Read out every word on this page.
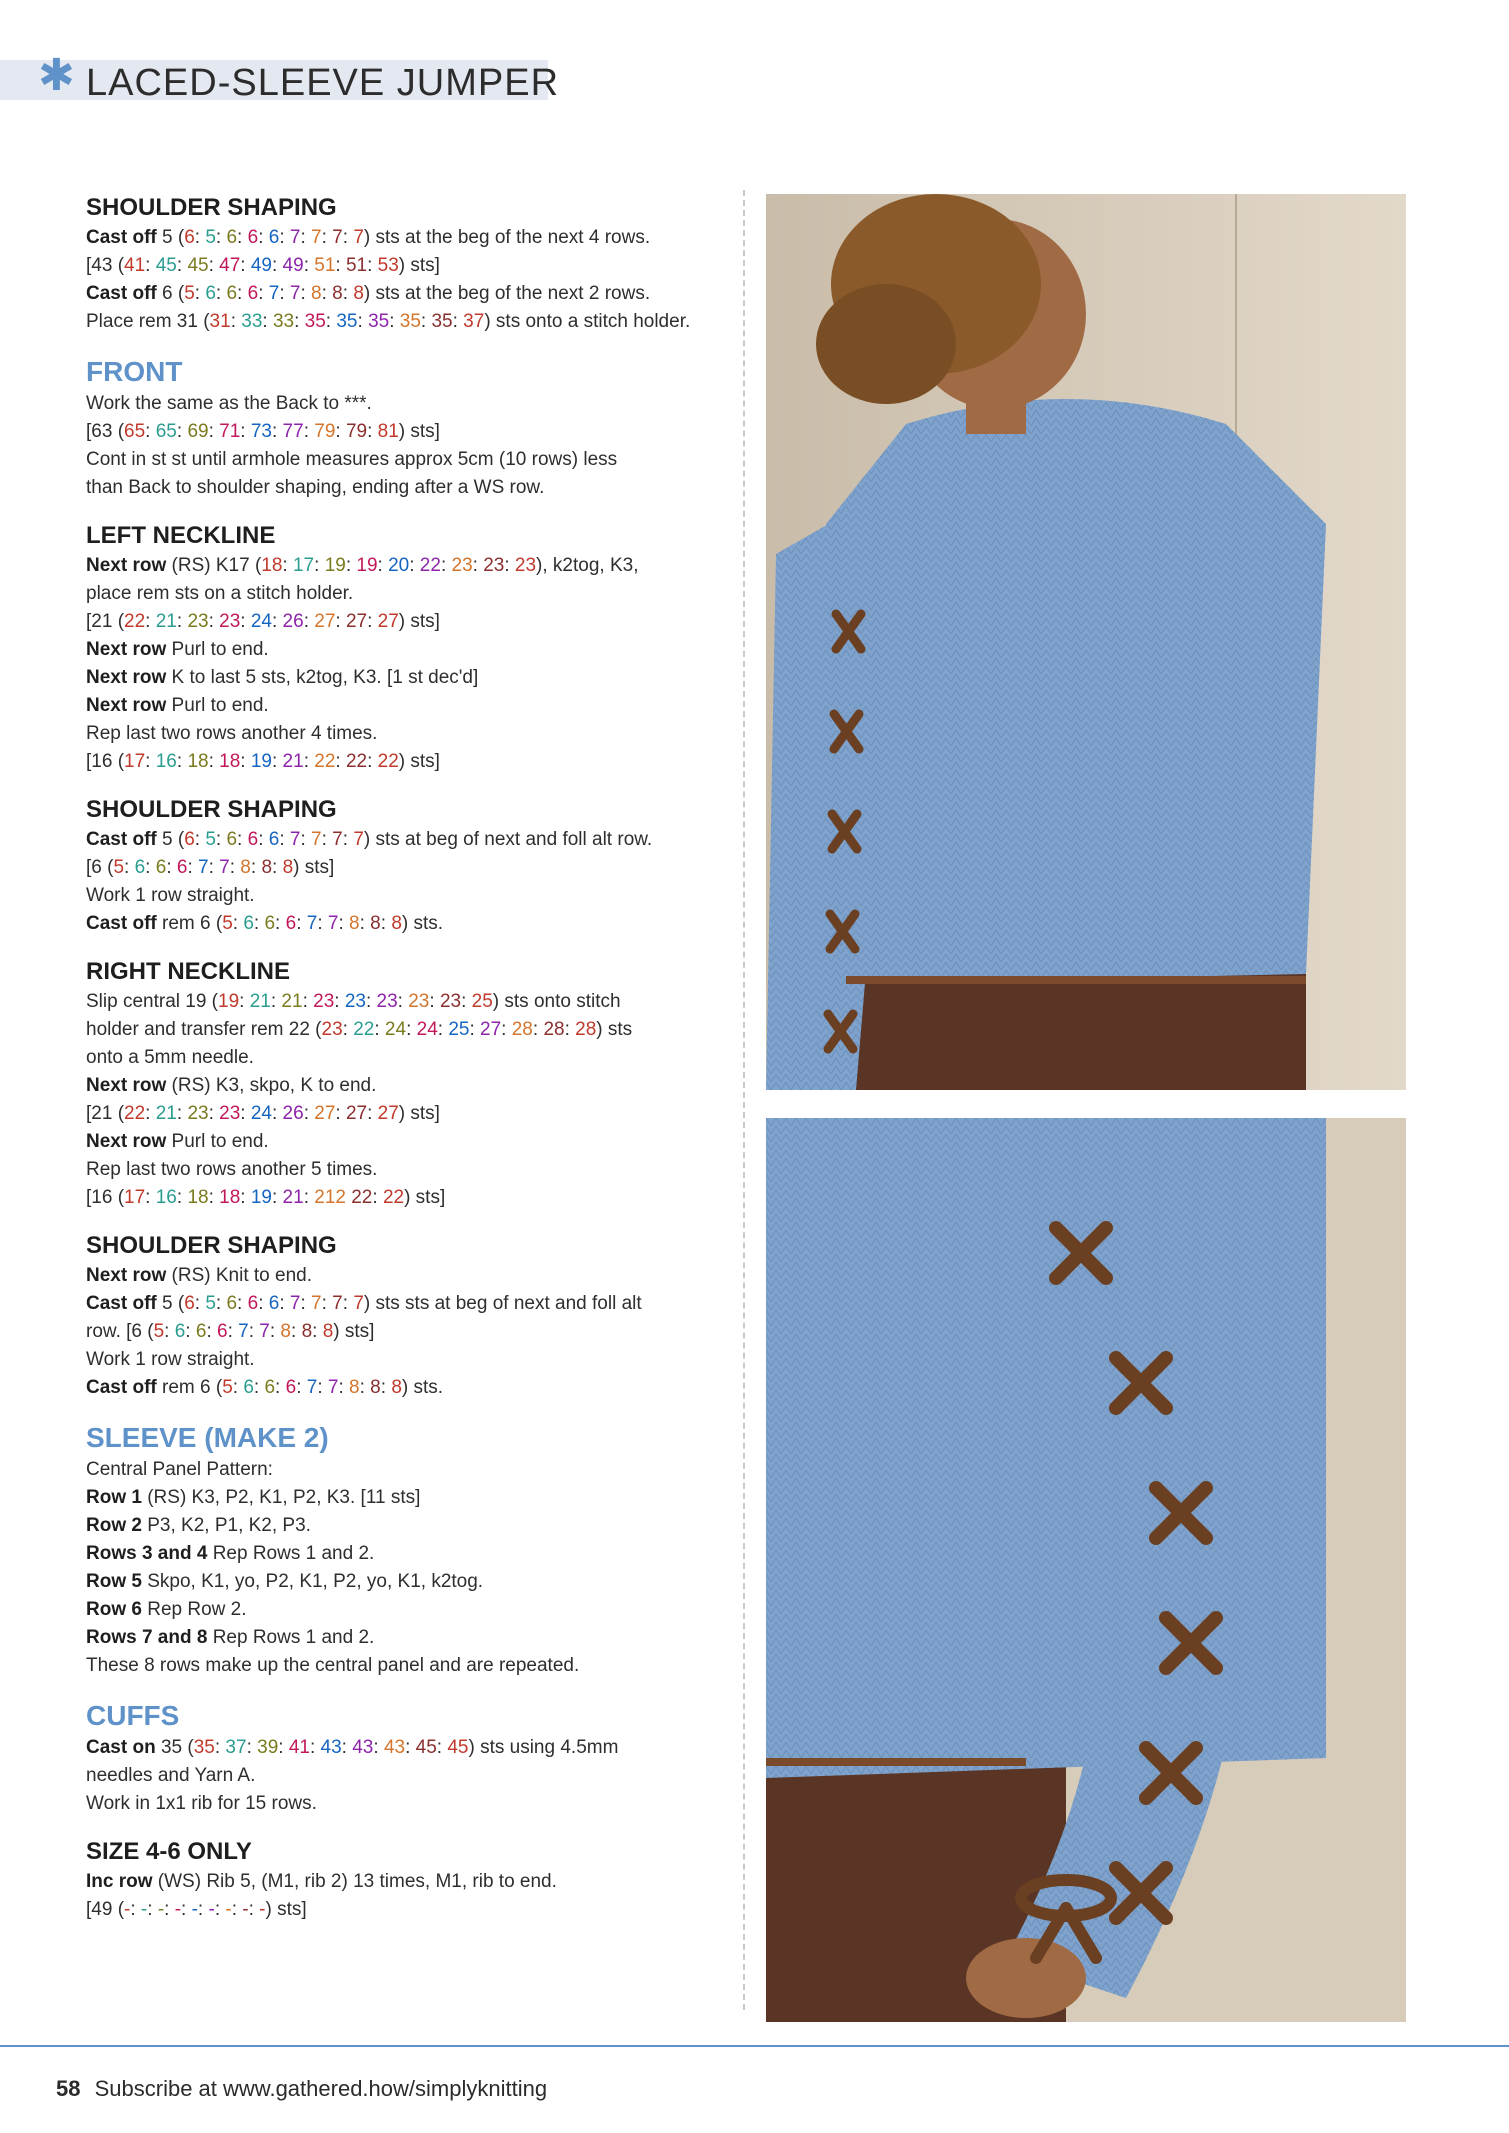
✱ LACED-SLEEVE JUMPER
SHOULDER SHAPING
Cast off 5 (6: 5: 6: 6: 6: 7: 7: 7: 7) sts at the beg of the next 4 rows.
[43 (41: 45: 45: 47: 49: 49: 51: 51: 53) sts]
Cast off 6 (5: 6: 6: 6: 7: 7: 8: 8: 8) sts at the beg of the next 2 rows.
Place rem 31 (31: 33: 33: 35: 35: 35: 35: 35: 37) sts onto a stitch holder.
FRONT
Work the same as the Back to ***.
[63 (65: 65: 69: 71: 73: 77: 79: 79: 81) sts]
Cont in st st until armhole measures approx 5cm (10 rows) less
than Back to shoulder shaping, ending after a WS row.
LEFT NECKLINE
Next row (RS) K17 (18: 17: 19: 19: 20: 22: 23: 23: 23), k2tog, K3,
place rem sts on a stitch holder.
[21 (22: 21: 23: 23: 24: 26: 27: 27: 27) sts]
Next row Purl to end.
Next row K to last 5 sts, k2tog, K3. [1 st dec'd]
Next row Purl to end.
Rep last two rows another 4 times.
[16 (17: 16: 18: 18: 19: 21: 22: 22: 22) sts]
SHOULDER SHAPING
Cast off 5 (6: 5: 6: 6: 6: 7: 7: 7: 7) sts at beg of next and foll alt row.
[6 (5: 6: 6: 6: 7: 7: 8: 8: 8) sts]
Work 1 row straight.
Cast off rem 6 (5: 6: 6: 6: 7: 7: 8: 8: 8) sts.
RIGHT NECKLINE
Slip central 19 (19: 21: 21: 23: 23: 23: 23: 23: 25) sts onto stitch
holder and transfer rem 22 (23: 22: 24: 24: 25: 27: 28: 28: 28) sts
onto a 5mm needle.
Next row (RS) K3, skpo, K to end.
[21 (22: 21: 23: 23: 24: 26: 27: 27: 27) sts]
Next row Purl to end.
Rep last two rows another 5 times.
[16 (17: 16: 18: 18: 19: 21: 212 22: 22) sts]
SHOULDER SHAPING
Next row (RS) Knit to end.
Cast off 5 (6: 5: 6: 6: 6: 7: 7: 7: 7) sts sts at beg of next and foll alt
row. [6 (5: 6: 6: 6: 7: 7: 8: 8: 8) sts]
Work 1 row straight.
Cast off rem 6 (5: 6: 6: 6: 7: 7: 8: 8: 8) sts.
SLEEVE (MAKE 2)
Central Panel Pattern:
Row 1 (RS) K3, P2, K1, P2, K3. [11 sts]
Row 2 P3, K2, P1, K2, P3.
Rows 3 and 4 Rep Rows 1 and 2.
Row 5 Skpo, K1, yo, P2, K1, P2, yo, K1, k2tog.
Row 6 Rep Row 2.
Rows 7 and 8 Rep Rows 1 and 2.
These 8 rows make up the central panel and are repeated.
CUFFS
Cast on 35 (35: 37: 39: 41: 43: 43: 43: 45: 45) sts using 4.5mm
needles and Yarn A.
Work in 1x1 rib for 15 rows.
SIZE 4-6 ONLY
Inc row (WS) Rib 5, (M1, rib 2) 13 times, M1, rib to end.
[49 (-: -: -: -: -: -: -: -: -) sts]
58 Subscribe at www.gathered.how/simplyknitting
